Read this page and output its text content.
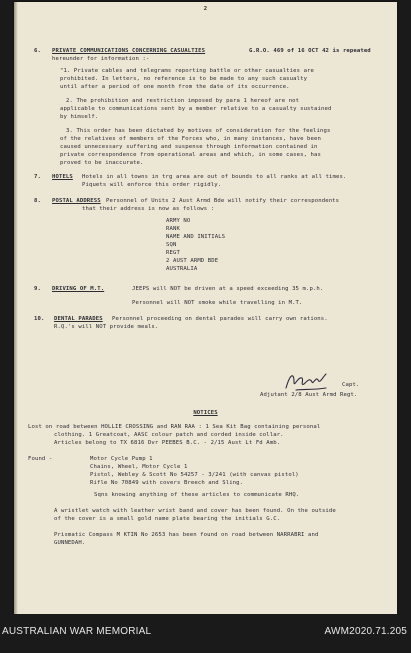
2
6. PRIVATE COMMUNICATIONS CONCERNING CASUALTIES	G.R.O. 469 of 16 OCT 42 is repeated
hereunder for information :-
"1. Private cables and telegrams reporting battle or other casualties are
prohibited. In letters, no reference is to be made to any such casualty
until after a period of one month from the date of its occurrence.
2. The prohibition and restriction imposed by para 1 hereof are not
applicable to communications sent by a member relative to a casualty sustained
by himself.
3. This order has been dictated by motives of consideration for the feelings
of the relatives of members of the Forces who, in many instances, have been
caused unnecessary suffering and suspense through information contained in
private correspondence from operational areas and which, in some cases, has
proved to be inaccurate.
7. HOTELS Hotels in all towns in trg area are out of bounds to all ranks at all times.
Piquets will enforce this order rigidly.
8. POSTAL ADDRESS Personnel of Units 2 Aust Armd Bde will notify their correspondents
that their address is now as follows :
ARMY NO
RANK
NAME AND INITIALS
SQN
REGT
2 AUST ARMD BDE
AUSTRALIA
9. DRIVING OF M.T.	JEEPS will NOT be driven at a speed exceeding 35 m.p.h.
Personnel will NOT smoke while travelling in M.T.
10. DENTAL PARADES Personnel proceeding on dental parades will carry own rations.
R.Q.'s will NOT provide meals.
Capt.
Adjutant 2/8 Aust Armd Regt.
NOTICES
Lost on road between HOLLIE CROSSING and RAN RAA : 1 Sea Kit Bag containing personal
clothing. 1 Greatcoat, AASC colour patch and corded inside collar.
Articles belong to TX 6816 Dvr PEEBES B.C. - 2/15 Aust Lt Fd Amb.
Found -	Motor Cycle Pump 1
Chains, Wheel, Motor Cycle 1
Pistol, Webley & Scott No 54257 - 3/241 (with canvas pistol)
Rifle No 70849 with covers Breech and Sling.
Sqns knowing anything of these articles to communicate RHQ.
A wristlet watch with leather wrist band and cover has been found. On the outside
of the cover is a small gold name plate bearing the initials G.C.
Prismatic Compass M KTIN No 2653 has been found on road between NARRABRI and
GUNNEDAH.
AUSTRALIAN WAR MEMORIAL	AWM2020.71.205
